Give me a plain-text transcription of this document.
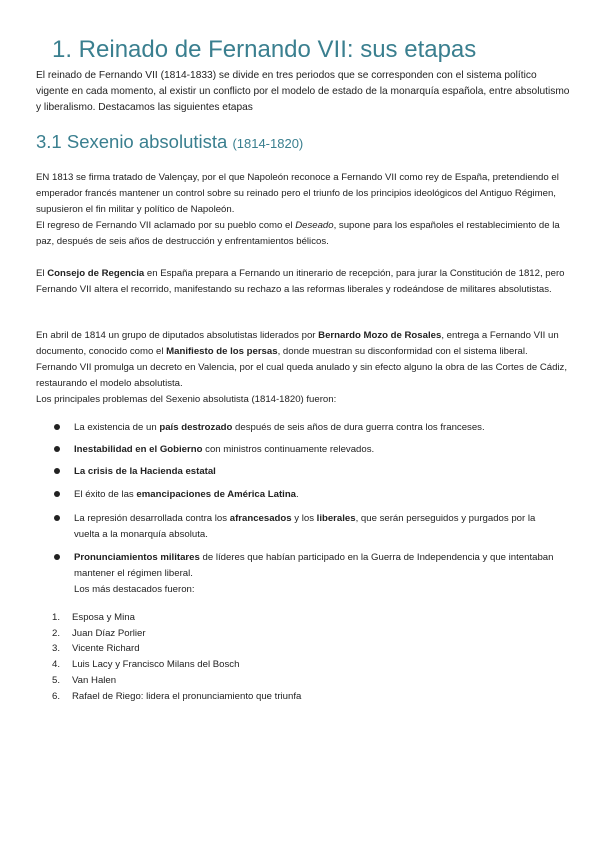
1. Reinado de Fernando VII: sus etapas

El reinado de Fernando VII (1814-1833) se divide en tres periodos que se corresponden con el sistema político vigente en cada momento, al existir un conflicto por el modelo de estado de la monarquía española, entre absolutismo y liberalismo. Destacamos las siguientes etapas

3.1 Sexenio absolutista (1814-1820)

EN 1813 se firma tratado de Valençay, por el que Napoleón reconoce a Fernando VII como rey de España, pretendiendo el emperador francés mantener un control sobre su reinado pero el triunfo de los principios ideológicos del Antiguo Régimen, supusieron el fin militar y político de Napoleón.
El regreso de Fernando VII aclamado por su pueblo como el Deseado, supone para los españoles el restablecimiento de la paz, después de seis años de destrucción y enfrentamientos bélicos.

El Consejo de Regencia en España prepara a Fernando un itinerario de recepción, para jurar la Constitución de 1812, pero Fernando VII altera el recorrido, manifestando su rechazo a las reformas liberales y rodeándose de militares absolutistas.

En abril de 1814 un grupo de diputados absolutistas liderados por Bernardo Mozo de Rosales, entrega a Fernando VII un documento, conocido como el Manifiesto de los persas, donde muestran su disconformidad con el sistema liberal.
Fernando VII promulga un decreto en Valencia, por el cual queda anulado y sin efecto alguno la obra de las Cortes de Cádiz, restaurando el modelo absolutista.
Los principales problemas del Sexenio absolutista (1814-1820) fueron:

La existencia de un país destrozado después de seis años de dura guerra contra los franceses.
Inestabilidad en el Gobierno con ministros continuamente relevados.
La crisis de la Hacienda estatal
El éxito de las emancipaciones de América Latina.
La represión desarrollada contra los afrancesados y los liberales, que serán perseguidos y purgados por la vuelta a la monarquía absoluta.
Pronunciamientos militares de líderes que habían participado en la Guerra de Independencia y que intentaban mantener el régimen liberal.
Los más destacados fueron:
1. Esposa y Mina
2. Juan Díaz Porlier
3. Vicente Richard
4. Luis Lacy y Francisco Milans del Bosch
5. Van Halen
6. Rafael de Riego: lidera el pronunciamiento que triunfa
